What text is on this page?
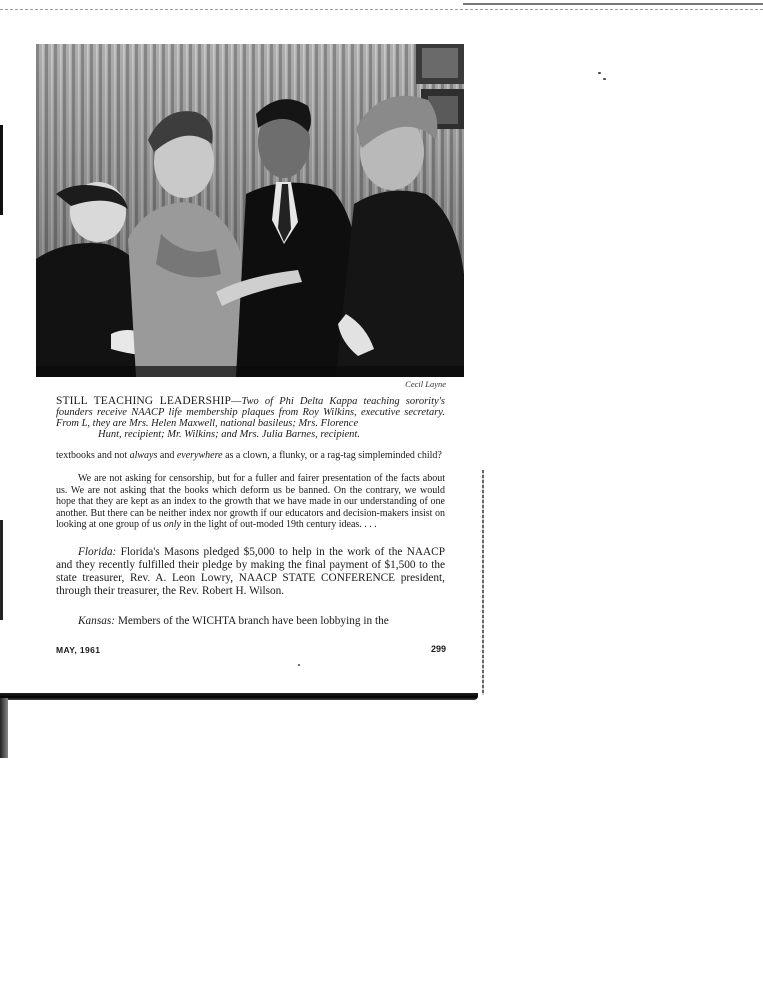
Cecil Layne
STILL TEACHING LEADERSHIP—Two of Phi Delta Kappa teaching sorority's founders receive NAACP life membership plaques from Roy Wilkins, executive secretary. From L, they are Mrs. Helen Maxwell, national basileus; Mrs. Florence
Hunt, recipient; Mr. Wilkins; and Mrs. Julia Barnes, recipient.
textbooks and not always and everywhere as a clown, a flunky, or a rag-tag simpleminded child?
We are not asking for censorship, but for a fuller and fairer presentation of the facts about us. We are not asking that the books which deform us be banned. On the contrary, we would hope that they are kept as an index to the growth that we have made in our understanding of one another. But there can be neither index nor growth if our educators and decision-makers insist on looking at one group of us only in the light of out-moded 19th century ideas. . . .
Florida: Florida's Masons pledged $5,000 to help in the work of the NAACP and they recently fulfilled their pledge by making the final payment of $1,500 to the state treasurer, Rev. A. Leon Lowry, NAACP STATE CONFERENCE president, through their treasurer, the Rev. Robert H. Wilson.
Kansas: Members of the WICHTA branch have been lobbying in the
MAY, 1961	299
